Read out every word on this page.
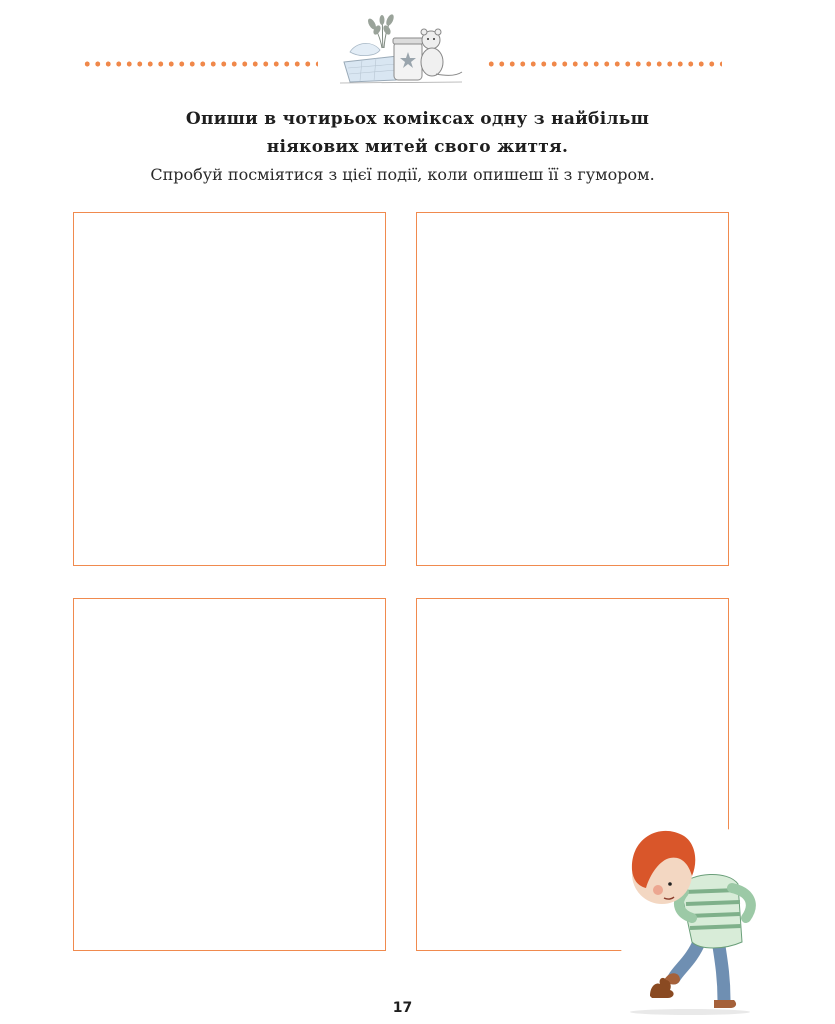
Опиши в чотирьох коміксах одну з найбільш
ніякових митей свого життя.
Спробуй посміятися з цієї події, коли опишеш її з гумором.
17
